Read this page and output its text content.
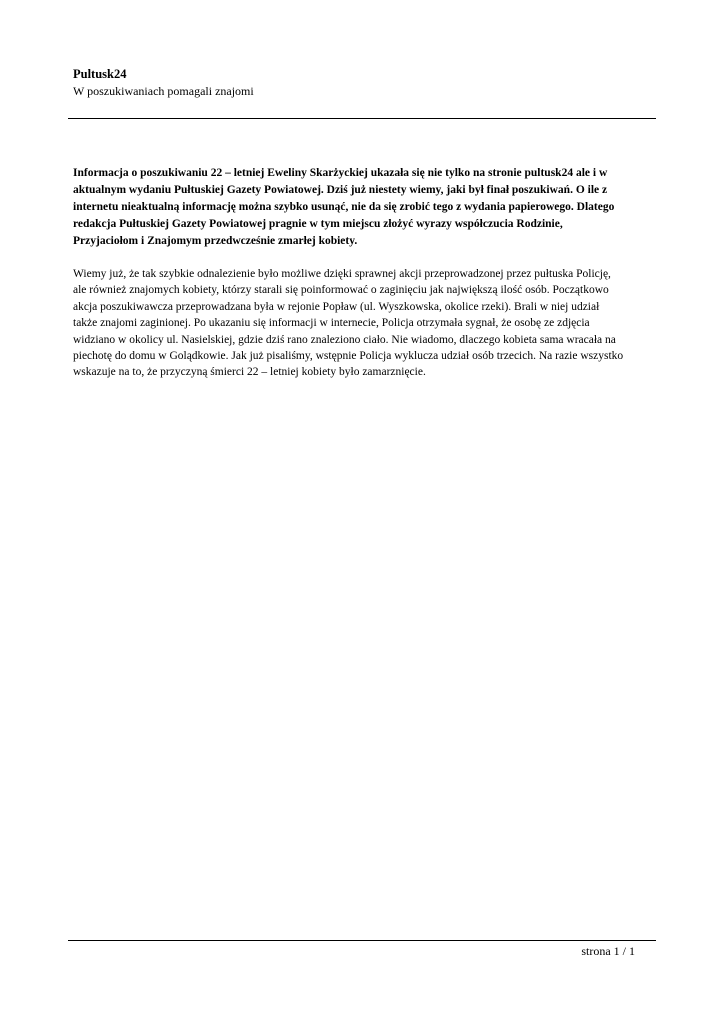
Pultusk24
W poszukiwaniach pomagali znajomi

Informacja o poszukiwaniu 22 – letniej Eweliny Skarżyckiej ukazała się nie tylko na stronie pultusk24 ale i w
aktualnym wydaniu Pułtuskiej Gazety Powiatowej. Dziś już niestety wiemy, jaki był finał poszukiwań. O ile z
internetu nieaktualną informację można szybko usunąć, nie da się zrobić tego z wydania papierowego. Dlatego
redakcja Pułtuskiej Gazety Powiatowej pragnie w tym miejscu złożyć wyrazy współczucia Rodzinie,
Przyjaciołom i Znajomym przedwcześnie zmarłej kobiety.

Wiemy już, że tak szybkie odnalezienie było możliwe dzięki sprawnej akcji przeprowadzonej przez pułtuska Policję,
ale również znajomych kobiety, którzy starali się poinformować o zaginięciu jak największą ilość osób. Początkowo
akcja poszukiwawcza przeprowadzana była w rejonie Popław (ul. Wyszkowska, okolice rzeki). Brali w niej udział
także znajomi zaginionej. Po ukazaniu się informacji w internecie, Policja otrzymała sygnał, że osobę ze zdjęcia
widziano w okolicy ul. Nasielskiej, gdzie dziś rano znaleziono ciało. Nie wiadomo, dlaczego kobieta sama wracała na
piechotę do domu w Golądkowie. Jak już pisaliśmy, wstępnie Policja wyklucza udział osób trzecich. Na razie wszystko
wskazuje na to, że przyczyną śmierci 22 – letniej kobiety było zamarznięcie.

strona 1 / 1
